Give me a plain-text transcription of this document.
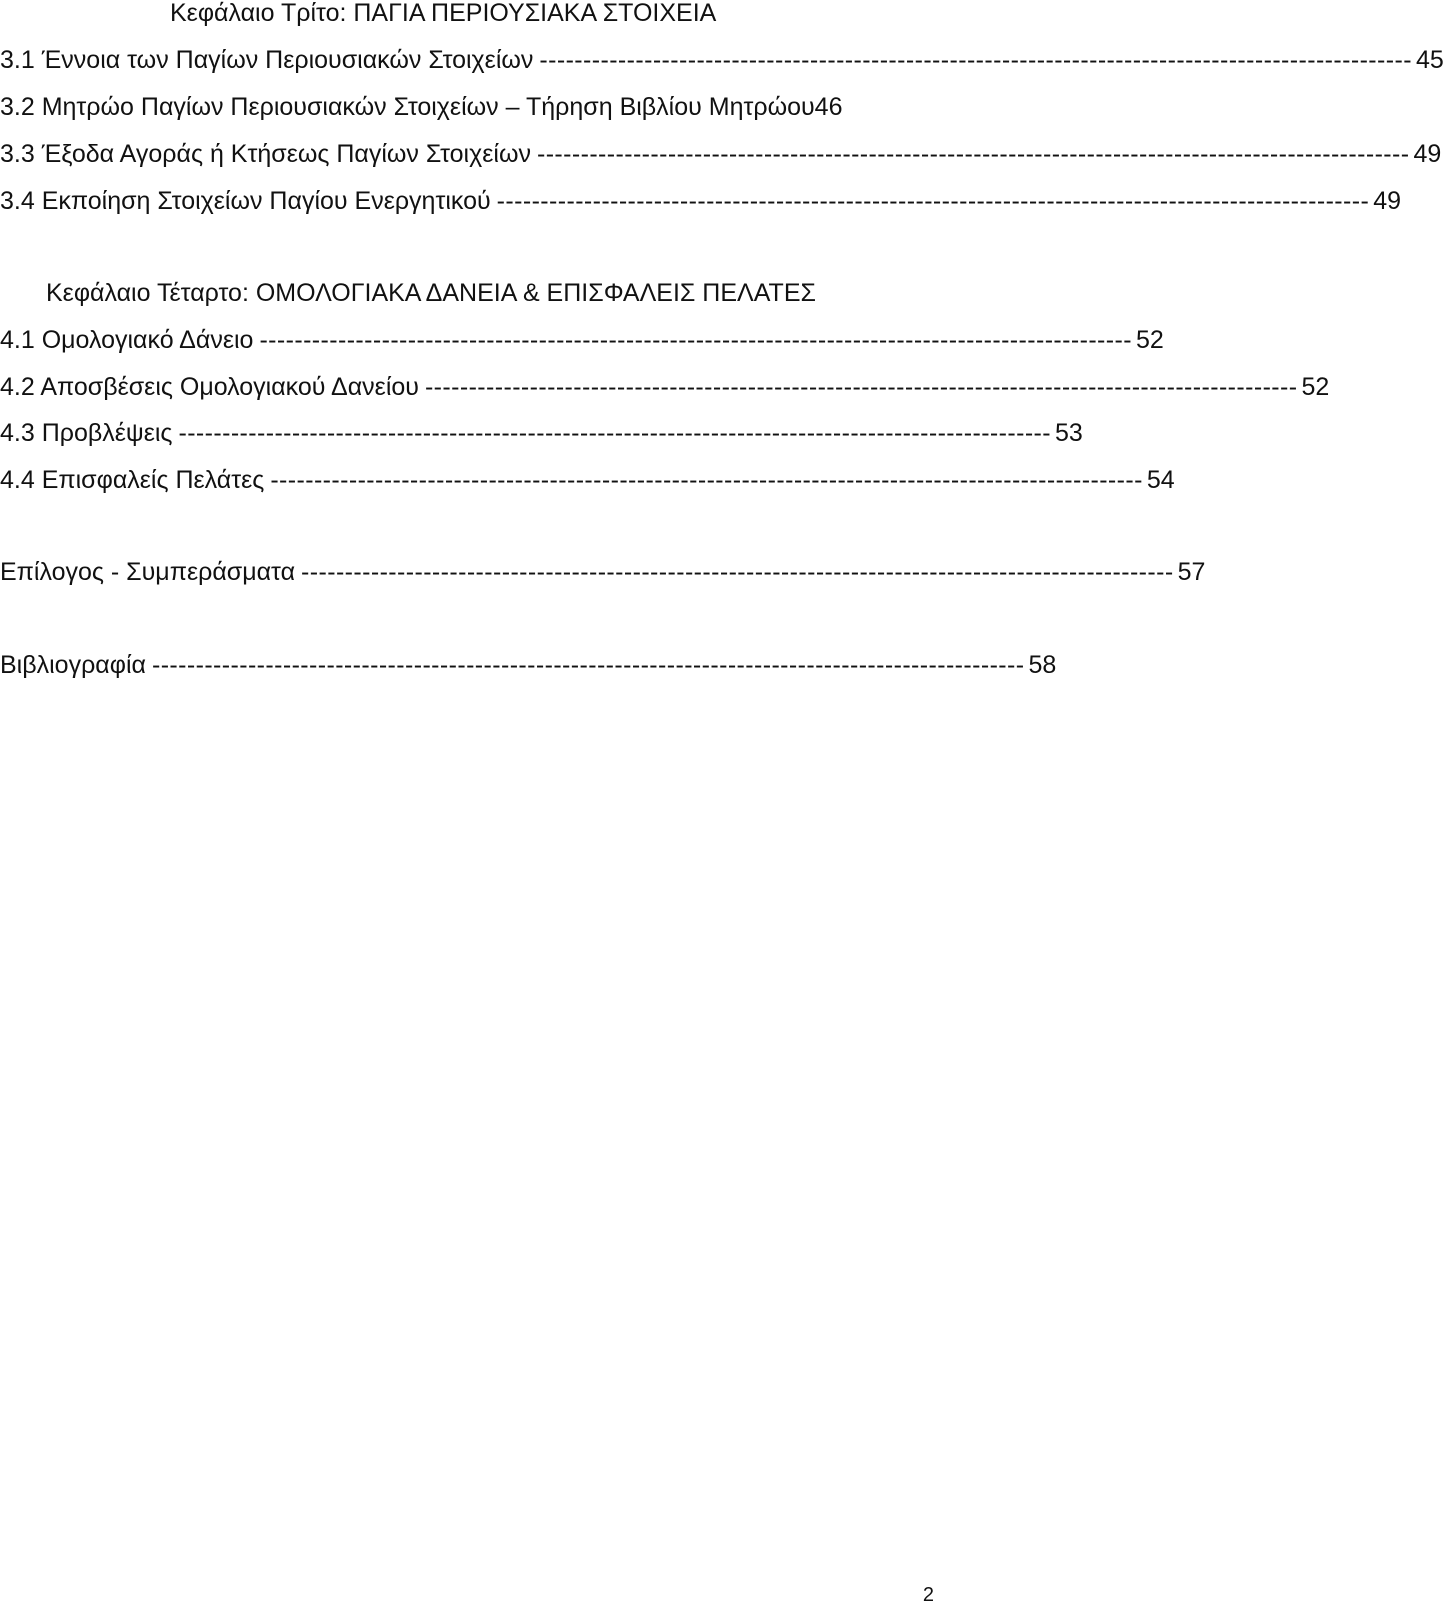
Κεφάλαιο Τρίτο: ΠΑΓΙΑ ΠΕΡΙΟΥΣΙΑΚΑ ΣΤΟΙΧΕΙΑ
3.1 Έννοια των Παγίων Περιουσιακών Στοιχείων ---------------------------------------------------------------------------------------------------- 45
3.2 Μητρώο Παγίων Περιουσιακών Στοιχείων – Τήρηση Βιβλίου Μητρώου46
3.3 Έξοδα Αγοράς ή Κτήσεως Παγίων Στοιχείων ---------------------------------------------------------------------------------------------------- 49
3.4 Εκποίηση Στοιχείων Παγίου Ενεργητικού ---------------------------------------------------------------------------------------------------- 49
Κεφάλαιο Τέταρτο: ΟΜΟΛΟΓΙΑΚΑ ΔΑΝΕΙΑ & ΕΠΙΣΦΑΛΕΙΣ ΠΕΛΑΤΕΣ
4.1 Ομολογιακό Δάνειο ---------------------------------------------------------------------------------------------------- 52
4.2 Αποσβέσεις Ομολογιακού Δανείου ---------------------------------------------------------------------------------------------------- 52
4.3 Προβλέψεις ---------------------------------------------------------------------------------------------------- 53
4.4 Επισφαλείς Πελάτες ---------------------------------------------------------------------------------------------------- 54
Επίλογος - Συμπεράσματα ---------------------------------------------------------------------------------------------------- 57
Βιβλιογραφία ---------------------------------------------------------------------------------------------------- 58
2
